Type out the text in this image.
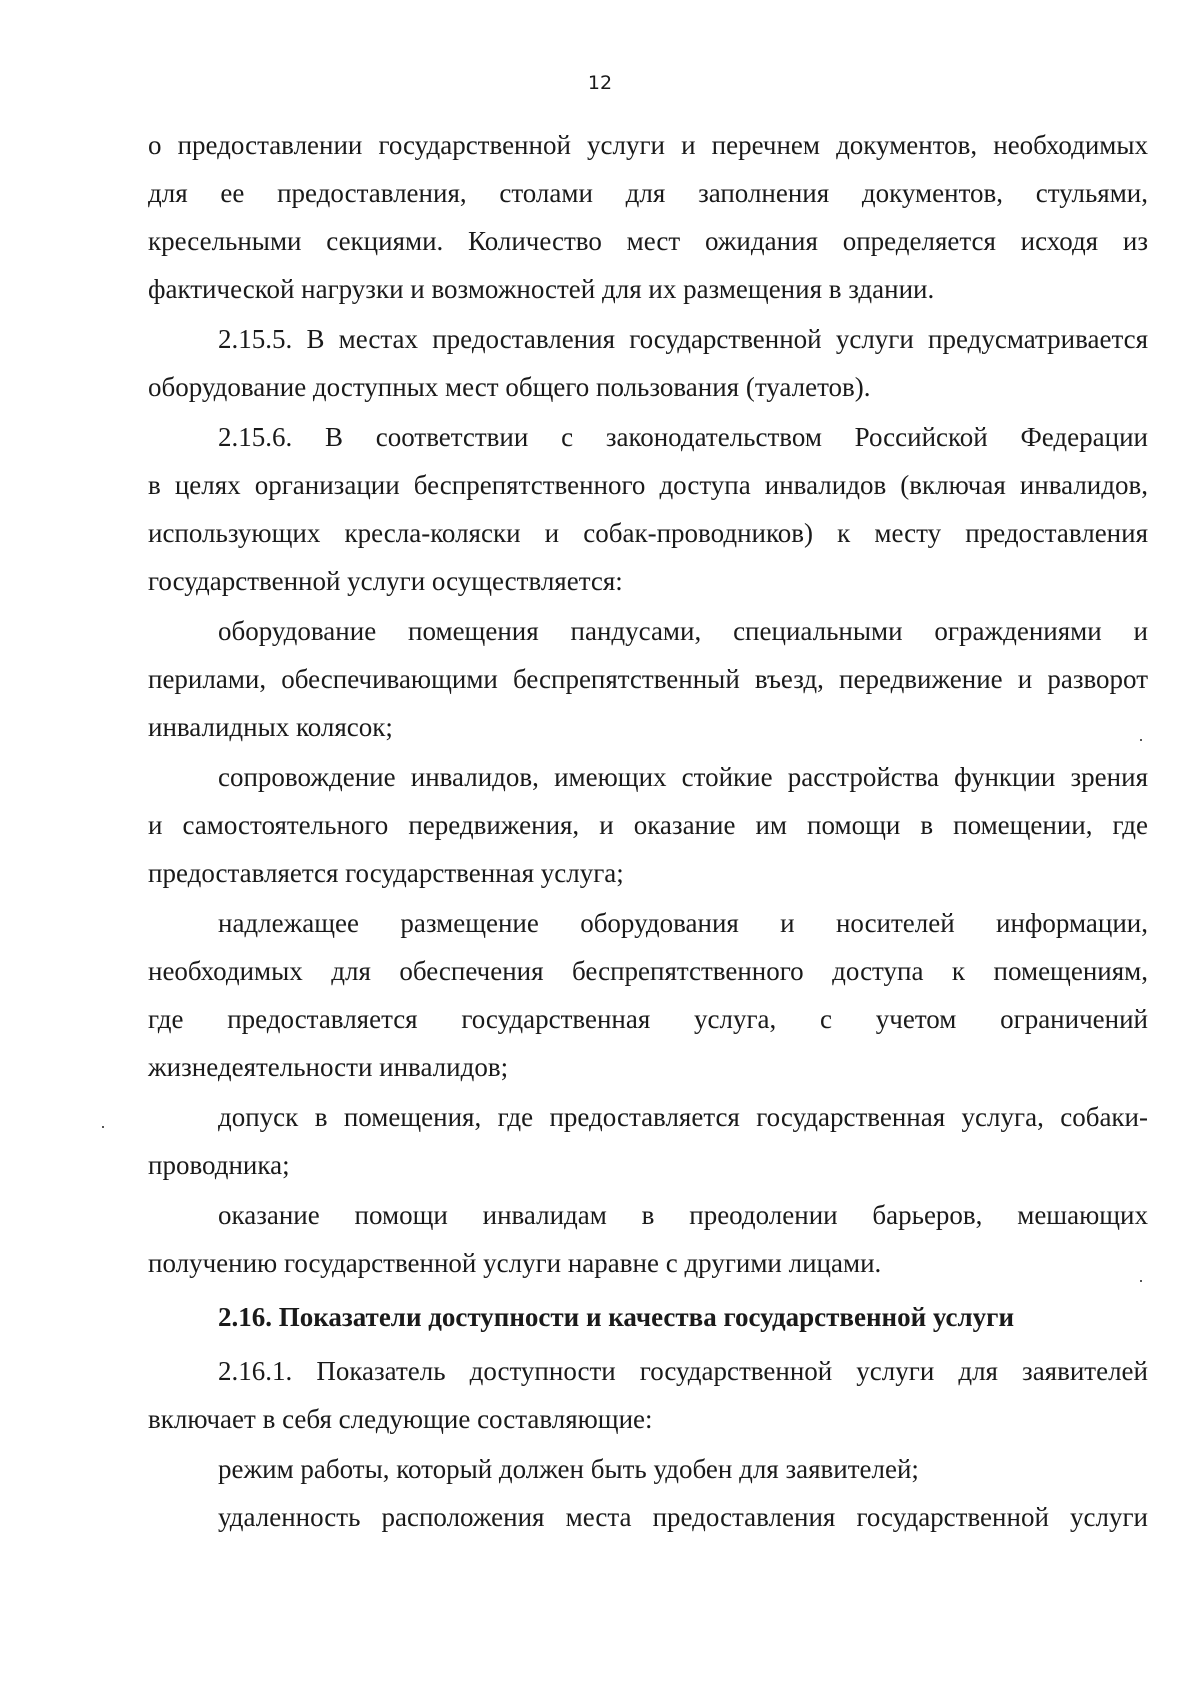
12
о предоставлении государственной услуги и перечнем документов, необходимых
для ее предоставления, столами для заполнения документов, стульями,
кресельными секциями. Количество мест ожидания определяется исходя из
фактической нагрузки и возможностей для их размещения в здании.
2.15.5. В местах предоставления государственной услуги предусматривается
оборудование доступных мест общего пользования (туалетов).
2.15.6. В соответствии с законодательством Российской Федерации
в целях организации беспрепятственного доступа инвалидов (включая инвалидов,
использующих кресла-коляски и собак-проводников) к месту предоставления
государственной услуги осуществляется:
оборудование помещения пандусами, специальными ограждениями и
перилами, обеспечивающими беспрепятственный въезд, передвижение и разворот
инвалидных колясок;
сопровождение инвалидов, имеющих стойкие расстройства функции зрения
и самостоятельного передвижения, и оказание им помощи в помещении, где
предоставляется государственная услуга;
надлежащее размещение оборудования и носителей информации,
необходимых для обеспечения беспрепятственного доступа к помещениям,
где предоставляется государственная услуга, с учетом ограничений
жизнедеятельности инвалидов;
допуск в помещения, где предоставляется государственная услуга, собаки-
проводника;
оказание помощи инвалидам в преодолении барьеров, мешающих
получению государственной услуги наравне с другими лицами.
2.16. Показатели доступности и качества государственной услуги
2.16.1. Показатель доступности государственной услуги для заявителей
включает в себя следующие составляющие:
режим работы, который должен быть удобен для заявителей;
удаленность расположения места предоставления государственной услуги
